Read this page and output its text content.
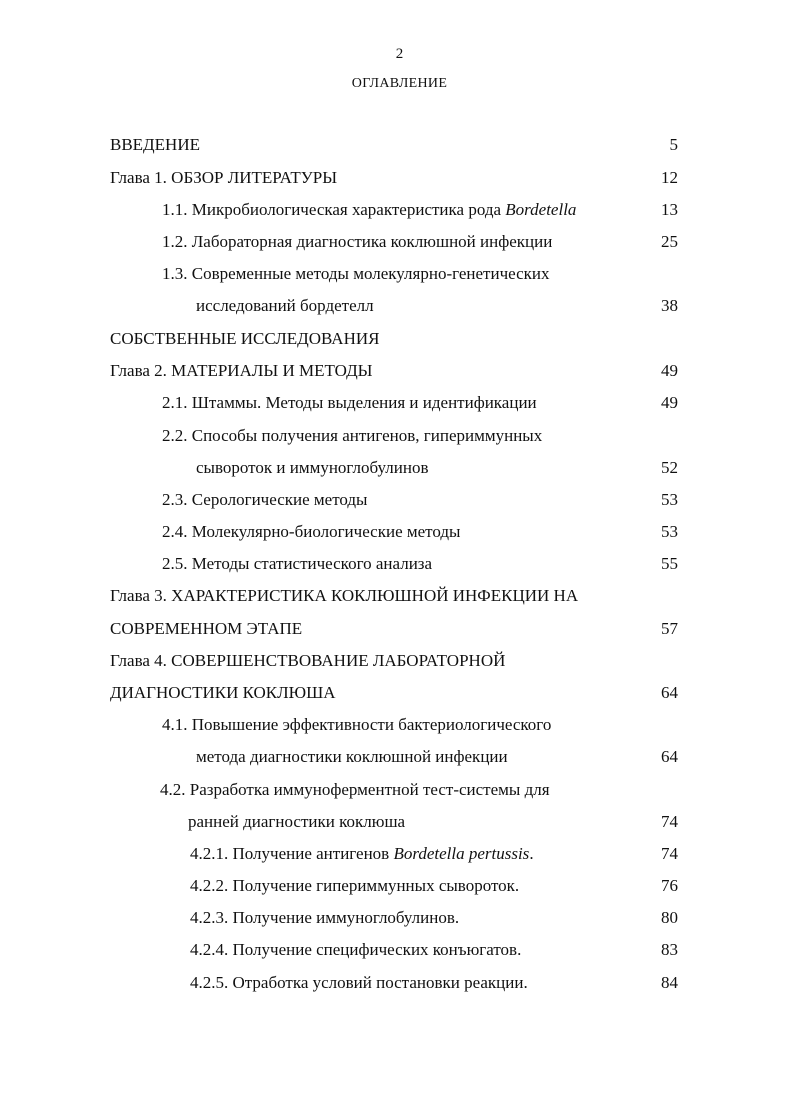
2
ОГЛАВЛЕНИЕ
ВВЕДЕНИЕ	5
Глава 1. ОБЗОР ЛИТЕРАТУРЫ	12
1.1. Микробиологическая характеристика рода Bordetella	13
1.2. Лабораторная диагностика коклюшной инфекции	25
1.3. Современные методы молекулярно-генетических
исследований бордетелл	38
СОБСТВЕННЫЕ ИССЛЕДОВАНИЯ
Глава 2. МАТЕРИАЛЫ И МЕТОДЫ	49
2.1. Штаммы. Методы выделения и идентификации	49
2.2. Способы получения антигенов, гипериммунных
сывороток и иммуноглобулинов	52
2.3. Серологические методы	53
2.4. Молекулярно-биологические методы	53
2.5. Методы статистического анализа	55
Глава 3. ХАРАКТЕРИСТИКА КОКЛЮШНОЙ ИНФЕКЦИИ НА
СОВРЕМЕННОМ ЭТАПЕ	57
Глава 4. СОВЕРШЕНСТВОВАНИЕ ЛАБОРАТОРНОЙ
ДИАГНОСТИКИ КОКЛЮША	64
4.1. Повышение эффективности бактериологического
метода диагностики коклюшной инфекции	64
4.2. Разработка иммуноферментной тест-системы для
ранней диагностики коклюша	74
4.2.1. Получение антигенов Bordetella pertussis.	74
4.2.2. Получение гипериммунных сывороток.	76
4.2.3. Получение иммуноглобулинов.	80
4.2.4. Получение специфических конъюгатов.	83
4.2.5. Отработка условий постановки реакции.	84
